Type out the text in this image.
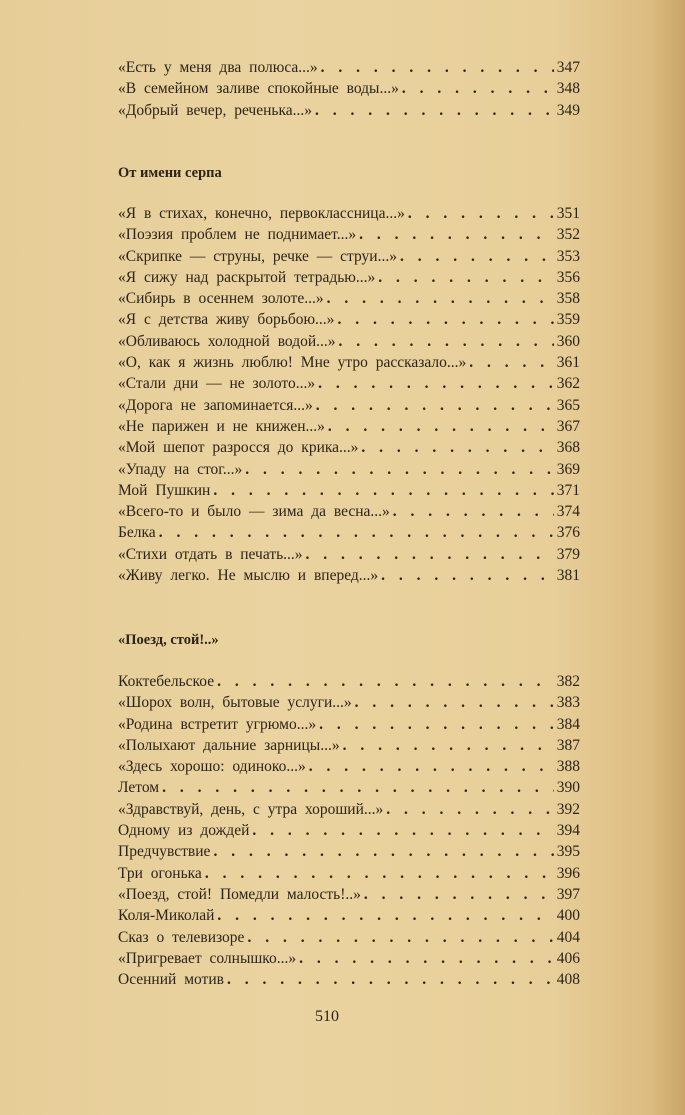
«Есть у меня два полюса...» . . .	347
«В семейном заливе спокойные воды...» . . .	348
«Добрый вечер, реченька...» . . .	349
От имени серпа
«Я в стихах, конечно, первоклассница...» . . .	351
«Поэзия проблем не поднимает...» . . .	352
«Скрипке — струны, речке — струи...» . . .	353
«Я сижу над раскрытой тетрадью...» . . .	356
«Сибирь в осеннем золоте...» . . .	358
«Я с детства живу борьбою...» . . .	359
«Обливаюсь холодной водой...» . . .	360
«О, как я жизнь люблю! Мне утро рассказало...» . . .	361
«Стали дни — не золото...» . . .	362
«Дорога не запоминается...» . . .	365
«Не парижен и не книжен...» . . .	367
«Мой шепот разросся до крика...» . . .	368
«Упаду на стог...» . . .	369
Мой Пушкин . . .	371
«Всего-то и было — зима да весна...» . . .	374
Белка . . .	376
«Стихи отдать в печать...» . . .	379
«Живу легко. Не мыслю и вперед...» . . .	381
«Поезд, стой!..»
Коктебельское . . .	382
«Шорох волн, бытовые услуги...» . . .	383
«Родина встретит угрюмо...» . . .	384
«Полыхают дальние зарницы...» . . .	387
«Здесь хорошо: одиноко...» . . .	388
Летом . . .	390
«Здравствуй, день, с утра хороший...» . . .	392
Одному из дождей . . .	394
Предчувствие . . .	395
Три огонька . . .	396
«Поезд, стой! Помедли малость!..» . . .	397
Коля-Миколай . . .	400
Сказ о телевизоре . . .	404
«Пригревает солнышко...» . . .	406
Осенний мотив . . .	408
510
